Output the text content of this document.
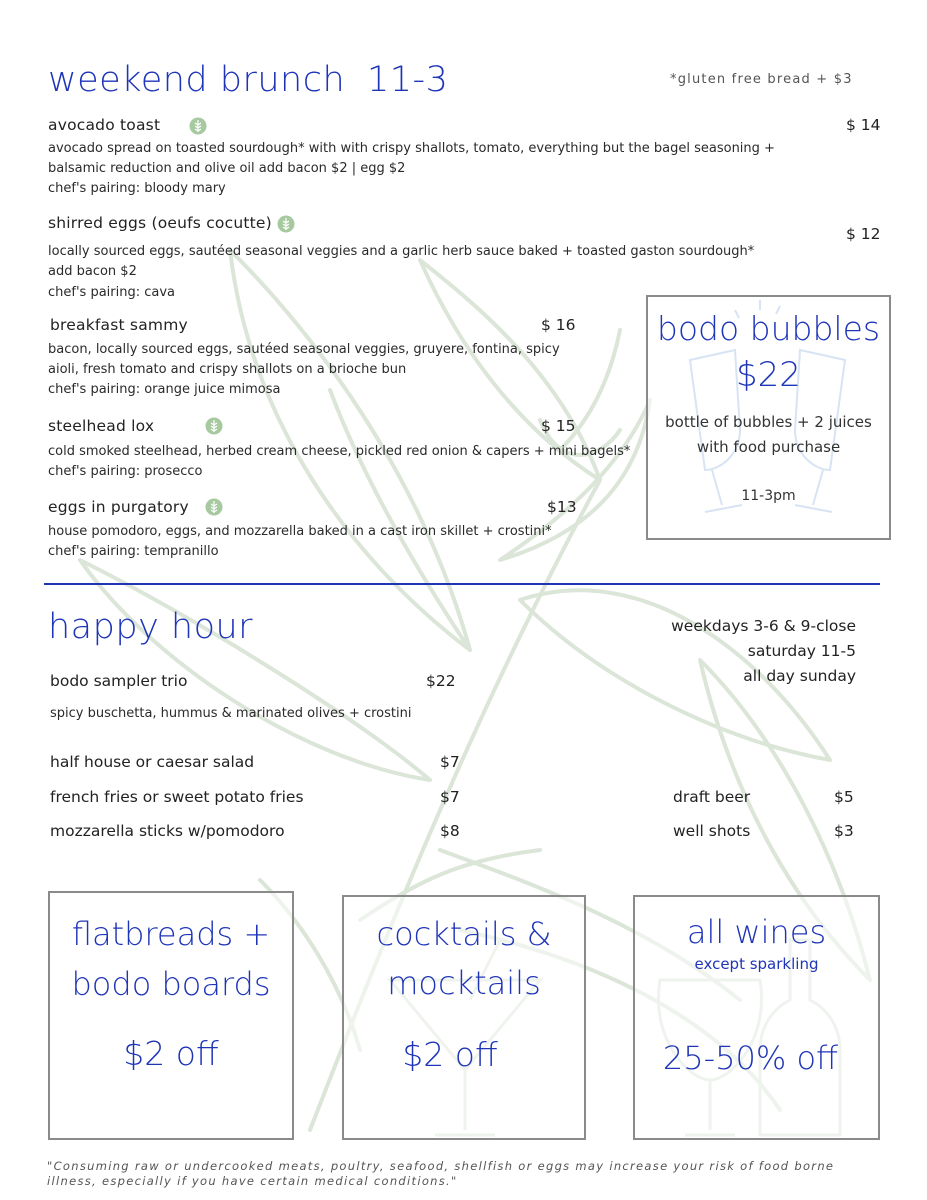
weekend brunch 11-3	*gluten free bread + $3
avocado toast	$ 14
avocado spread on toasted sourdough* with with crispy shallots, tomato, everything but the bagel seasoning +
balsamic reduction and olive oil add bacon $2 | egg $2
chef's pairing: bloody mary
shirred eggs (oeufs cocutte)
$ 12
locally sourced eggs, sautéed seasonal veggies and a garlic herb sauce baked + toasted gaston sourdough*
add bacon $2
chef's pairing: cava
breakfast sammy	$ 16
bacon, locally sourced eggs, sautéed seasonal veggies, gruyere, fontina, spicy
aioli, fresh tomato and crispy shallots on a brioche bun
chef's pairing: orange juice mimosa
steelhead lox	$ 15
cold smoked steelhead, herbed cream cheese, pickled red onion & capers + mini bagels*
chef's pairing: prosecco
eggs in purgatory	$13
house pomodoro, eggs, and mozzarella baked in a cast iron skillet + crostini*
chef's pairing: tempranillo
bodo bubbles
$22
bottle of bubbles + 2 juices
with food purchase
11-3pm
happy hour	weekdays 3-6 & 9-close
saturday 11-5
all day sunday
bodo sampler trio	$22
spicy buschetta, hummus & marinated olives + crostini
half house or caesar salad	$7
french fries or sweet potato fries	$7
mozzarella sticks w/pomodoro	$8
draft beer	$5
well shots	$3
flatbreads +
bodo boards
$2 off
cocktails &
mocktails
$2 off
all wines
except sparkling
25-50% off
"Consuming raw or undercooked meats, poultry, seafood, shellfish or eggs may increase your risk of food borne illness, especially if you have certain medical conditions."
